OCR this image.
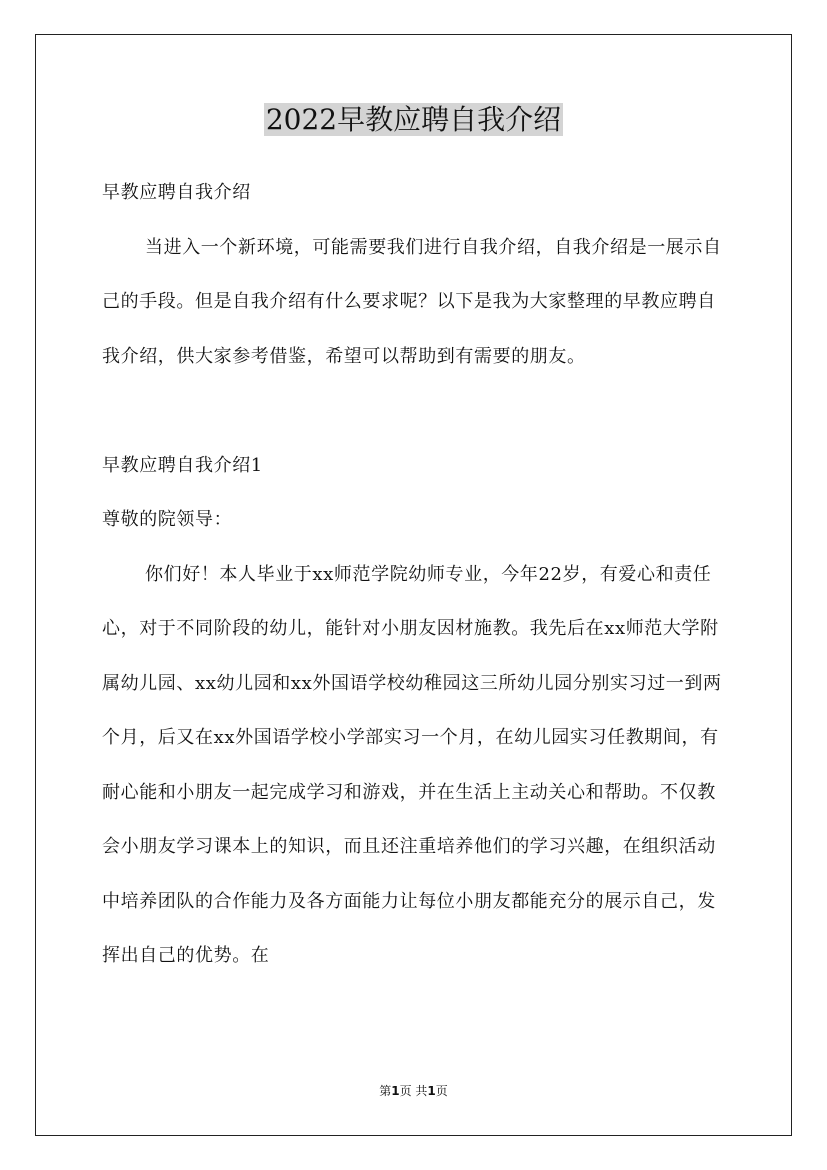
2022早教应聘自我介绍

早教应聘自我介绍

当进入一个新环境，可能需要我们进行自我介绍，自我介绍是一展示自己的手段。但是自我介绍有什么要求呢？以下是我为大家整理的早教应聘自我介绍，供大家参考借鉴，希望可以帮助到有需要的朋友。

早教应聘自我介绍1

尊敬的院领导：

你们好！本人毕业于xx师范学院幼师专业，今年22岁，有爱心和责任心，对于不同阶段的幼儿，能针对小朋友因材施教。我先后在xx师范大学附属幼儿园、xx幼儿园和xx外国语学校幼稚园这三所幼儿园分别实习过一到两个月，后又在xx外国语学校小学部实习一个月，在幼儿园实习任教期间，有耐心能和小朋友一起完成学习和游戏，并在生活上主动关心和帮助。不仅教会小朋友学习课本上的知识，而且还注重培养他们的学习兴趣，在组织活动中培养团队的合作能力及各方面能力让每位小朋友都能充分的展示自己，发挥出自己的优势。在

第1页 共1页
